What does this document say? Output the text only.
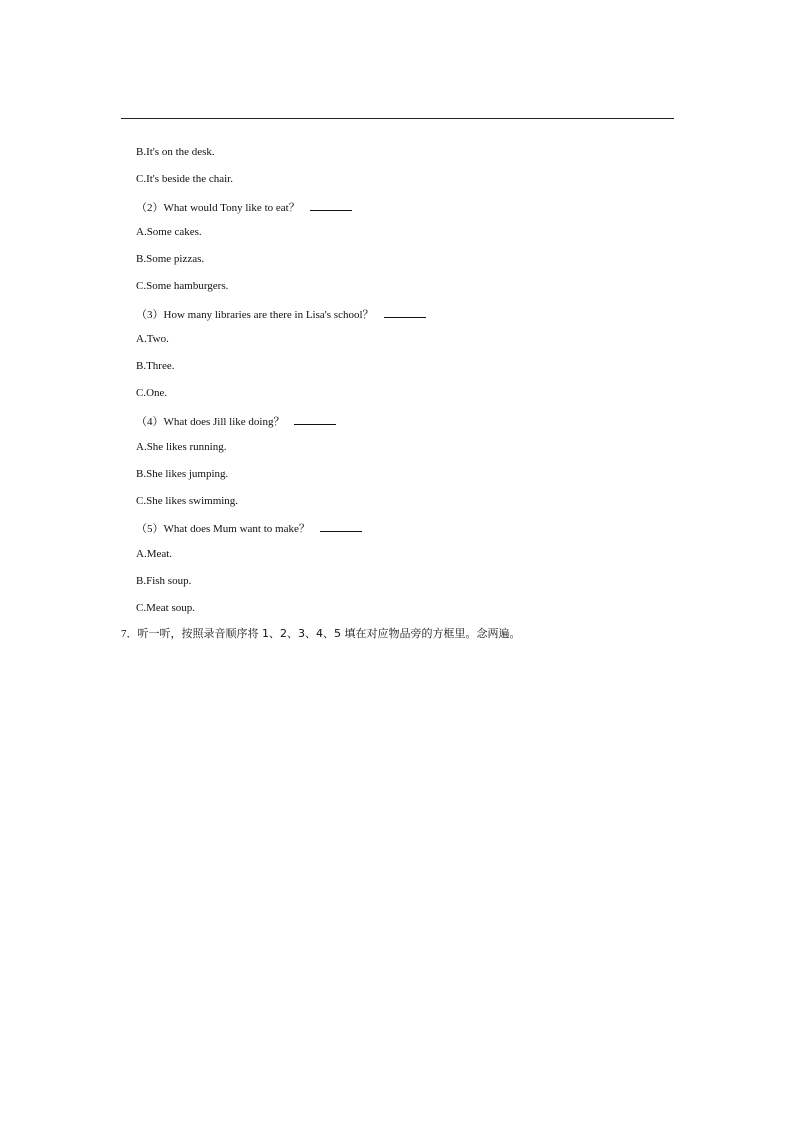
B.It's on the desk.
C.It's beside the chair.
（2）What would Tony like to eat？
A.Some cakes.
B.Some pizzas.
C.Some hamburgers.
（3）How many libraries are there in Lisa's school？
A.Two.
B.Three.
C.One.
（4）What does Jill like doing？
A.She likes running.
B.She likes jumping.
C.She likes swimming.
（5）What does Mum want to make？
A.Meat.
B.Fish soup.
C.Meat soup.
7．听一听，按照录音顺序将 1、2、3、4、5 填在对应物品旁的方框里。念两遍。
